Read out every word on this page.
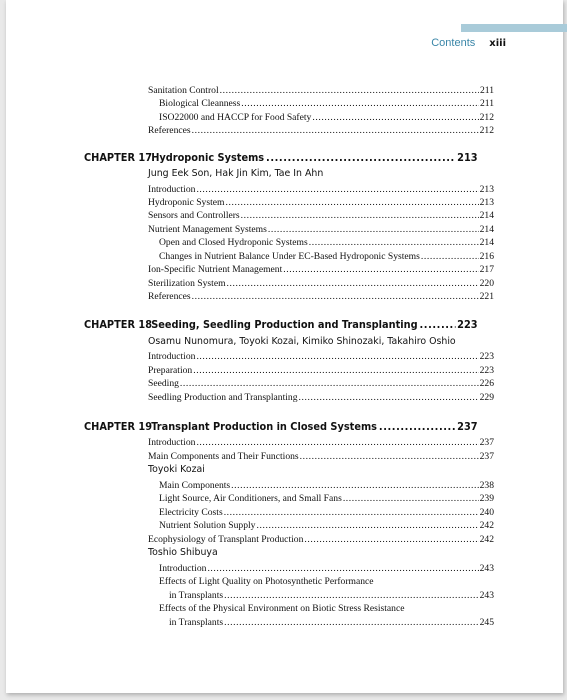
Contents xiii
Sanitation Control .....	211
Biological Cleanness .....	211
ISO22000 and HACCP for Food Safety .....	212
References .....	212
CHAPTER 17 Hydroponic Systems .....	213
Jung Eek Son, Hak Jin Kim, Tae In Ahn
Introduction .....	213
Hydroponic System .....	213
Sensors and Controllers .....	214
Nutrient Management Systems .....	214
Open and Closed Hydroponic Systems .....	214
Changes in Nutrient Balance Under EC-Based Hydroponic Systems .....	216
Ion-Specific Nutrient Management .....	217
Sterilization System .....	220
References .....	221
CHAPTER 18 Seeding, Seedling Production and Transplanting .....	223
Osamu Nunomura, Toyoki Kozai, Kimiko Shinozaki, Takahiro Oshio
Introduction .....	223
Preparation .....	223
Seeding .....	226
Seedling Production and Transplanting .....	229
CHAPTER 19 Transplant Production in Closed Systems .....	237
Introduction .....	237
Main Components and Their Functions .....	237
Toyoki Kozai
Main Components .....	238
Light Source, Air Conditioners, and Small Fans .....	239
Electricity Costs .....	240
Nutrient Solution Supply .....	242
Ecophysiology of Transplant Production .....	242
Toshio Shibuya
Introduction .....	243
Effects of Light Quality on Photosynthetic Performance
in Transplants .....	243
Effects of the Physical Environment on Biotic Stress Resistance
in Transplants .....	245
